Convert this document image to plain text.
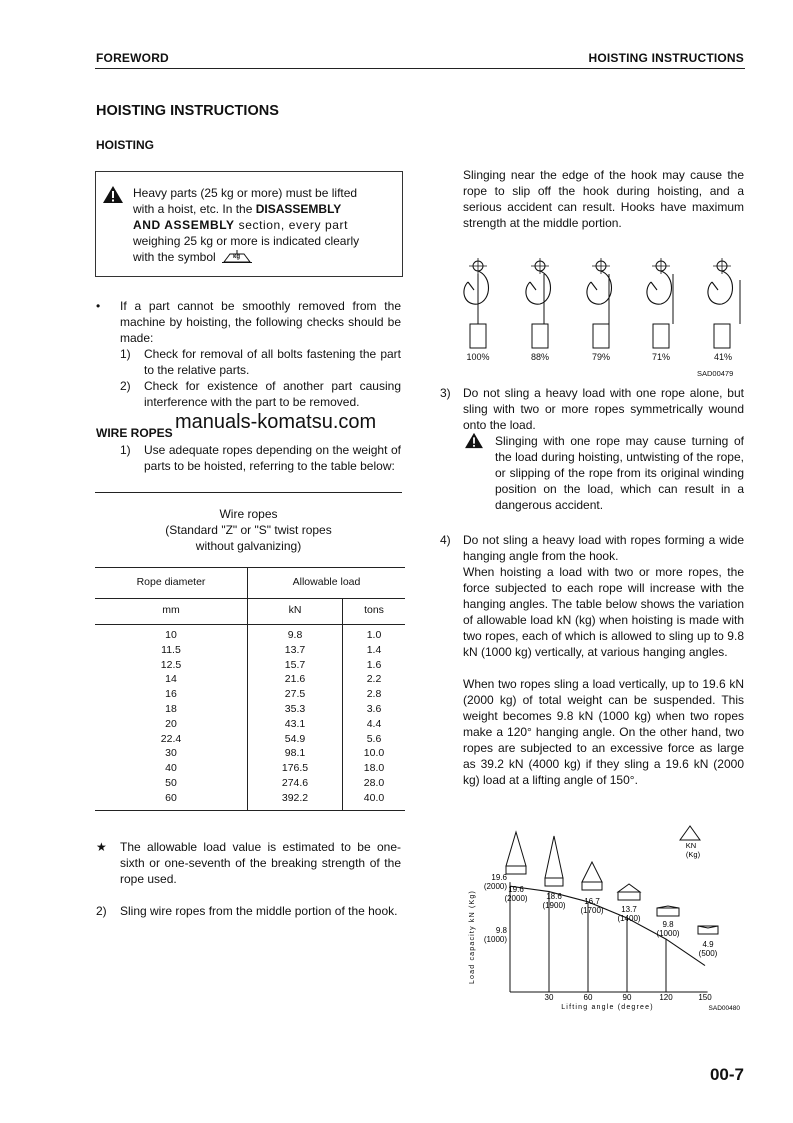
FOREWORD	HOISTING INSTRUCTIONS
HOISTING INSTRUCTIONS
HOISTING
Heavy parts (25 kg or more) must be lifted
with a hoist, etc. In the DISASSEMBLY
AND ASSEMBLY section, every part
weighing 25 kg or more is indicated clearly
with the symbol	kg
• If a part cannot be smoothly removed from the machine by hoisting, the following checks should be made:
1) Check for removal of all bolts fastening the part to the relative parts.
2) Check for existence of another part causing interference with the part to be removed.
WIRE ROPES manuals-komatsu.com
1) Use adequate ropes depending on the weight of parts to be hoisted, referring to the table below:
Wire ropes
(Standard "Z" or "S" twist ropes
without galvanizing)
Rope diameter	Allowable load
mm	kN	tons
10	9.8	1.0
11.5	13.7	1.4
12.5	15.7	1.6
14	21.6	2.2
16	27.5	2.8
18	35.3	3.6
20	43.1	4.4
22.4	54.9	5.6
30	98.1	10.0
40	176.5	18.0
50	274.6	28.0
60	392.2	40.0
★ The allowable load value is estimated to be one-sixth or one-seventh of the breaking strength of the rope used.
2) Sling wire ropes from the middle portion of the hook.
Slinging near the edge of the hook may cause the rope to slip off the hook during hoisting, and a serious accident can result. Hooks have maximum strength at the middle portion.
100%	88%	79%	71%	41%
SAD00479
3) Do not sling a heavy load with one rope alone, but sling with two or more ropes symmetrically wound onto the load.
Slinging with one rope may cause turning of the load during hoisting, untwisting of the rope, or slipping of the rope from its original winding position on the load, which can result in a dangerous accident.
4) Do not sling a heavy load with ropes forming a wide hanging angle from the hook.
When hoisting a load with two or more ropes, the force subjected to each rope will increase with the hanging angles. The table below shows the variation of allowable load kN (kg) when hoisting is made with two ropes, each of which is allowed to sling up to 9.8 kN (1000 kg) vertically, at various hanging angles.
When two ropes sling a load vertically, up to 19.6 kN (2000 kg) of total weight can be suspended. This weight becomes 9.8 kN (1000 kg) when two ropes make a 120° hanging angle. On the other hand, two ropes are subjected to an excessive force as large as 39.2 kN (4000 kg) if they sling a 19.6 kN (2000 kg) load at a lifting angle of 150°.
30	60	90	120	150
Lifting angle (degree)	SAD00480
19.6
(2000)
9.8
(1000)
Load capacity kN (Kg)
KN
(Kg)
18.6
(1900) 16.7
(1700) 13.7
(1400)
9.8
(1000)
4.9
(500)
19.6
(2000)
00-7
